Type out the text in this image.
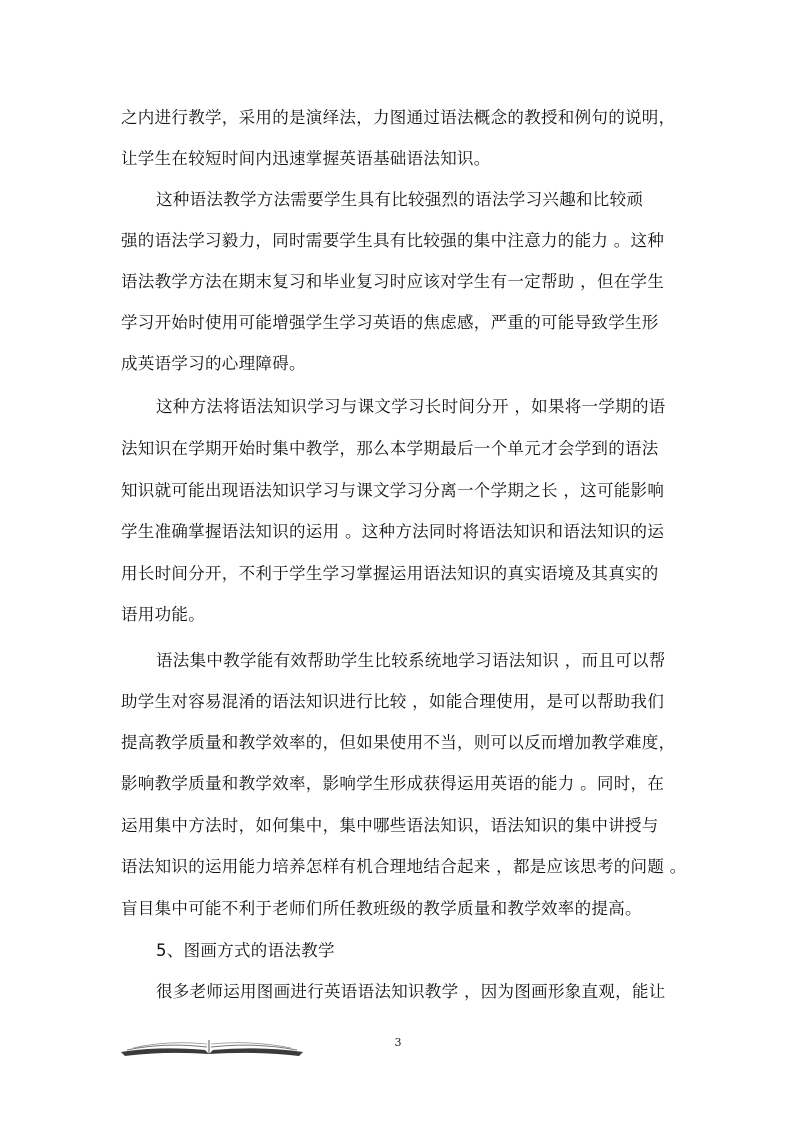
之内进行教学，采用的是演绎法，力图通过语法概念的教授和例句的说明，
让学生在较短时间内迅速掌握英语基础语法知识。
这种语法教学方法需要学生具有比较强烈的语法学习兴趣和比较顽
强的语法学习毅力，同时需要学生具有比较强的集中注意力的能力 。这种
语法教学方法在期末复习和毕业复习时应该对学生有一定帮助 ，但在学生
学习开始时使用可能增强学生学习英语的焦虑感，严重的可能导致学生形
成英语学习的心理障碍。
这种方法将语法知识学习与课文学习长时间分开 ，如果将一学期的语
法知识在学期开始时集中教学，那么本学期最后一个单元才会学到的语法
知识就可能出现语法知识学习与课文学习分离一个学期之长 ，这可能影响
学生准确掌握语法知识的运用 。这种方法同时将语法知识和语法知识的运
用长时间分开，不利于学生学习掌握运用语法知识的真实语境及其真实的
语用功能。
语法集中教学能有效帮助学生比较系统地学习语法知识 ，而且可以帮
助学生对容易混淆的语法知识进行比较 ，如能合理使用，是可以帮助我们
提高教学质量和教学效率的，但如果使用不当，则可以反而增加教学难度，
影响教学质量和教学效率，影响学生形成获得运用英语的能力 。同时，在
运用集中方法时，如何集中，集中哪些语法知识，语法知识的集中讲授与
语法知识的运用能力培养怎样有机合理地结合起来 ，都是应该思考的问题 。
盲目集中可能不利于老师们所任教班级的教学质量和教学效率的提高。
5、图画方式的语法教学
很多老师运用图画进行英语语法知识教学 ，因为图画形象直观，能让
3
